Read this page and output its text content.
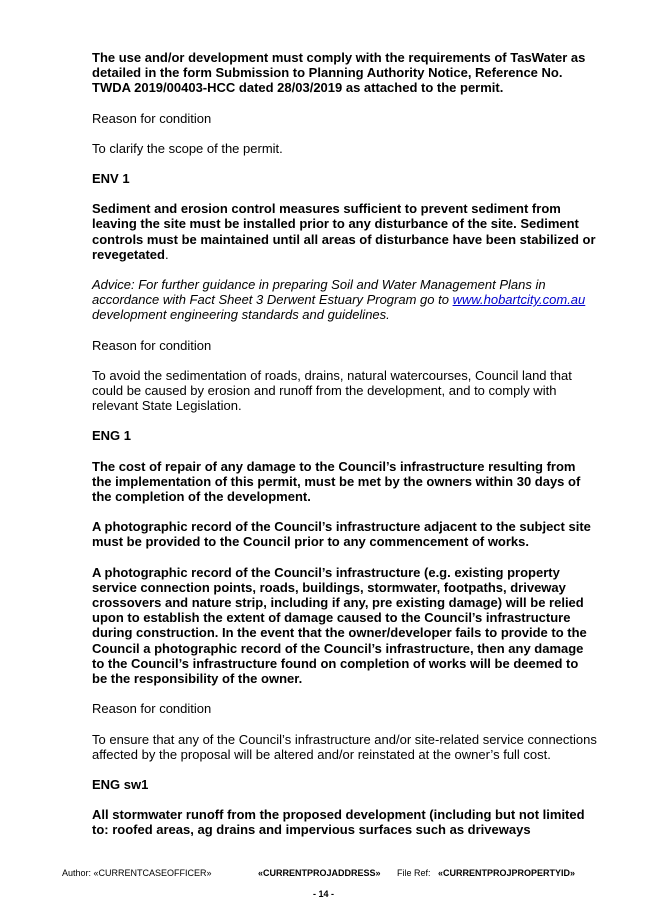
The use and/or development must comply with the requirements of TasWater as detailed in the form Submission to Planning Authority Notice, Reference No. TWDA 2019/00403-HCC dated 28/03/2019 as attached to the permit.

Reason for condition

To clarify the scope of the permit.

ENV 1

Sediment and erosion control measures sufficient to prevent sediment from leaving the site must be installed prior to any disturbance of the site. Sediment controls must be maintained until all areas of disturbance have been stabilized or revegetated.

Advice: For further guidance in preparing Soil and Water Management Plans in accordance with Fact Sheet 3 Derwent Estuary Program go to www.hobartcity.com.au development engineering standards and guidelines.

Reason for condition

To avoid the sedimentation of roads, drains, natural watercourses, Council land that could be caused by erosion and runoff from the development, and to comply with relevant State Legislation.

ENG 1

The cost of repair of any damage to the Council’s infrastructure resulting from the implementation of this permit, must be met by the owners within 30 days of the completion of the development.

A photographic record of the Council’s infrastructure adjacent to the subject site must be provided to the Council prior to any commencement of works.

A photographic record of the Council’s infrastructure (e.g. existing property service connection points, roads, buildings, stormwater, footpaths, driveway crossovers and nature strip, including if any, pre existing damage) will be relied upon to establish the extent of damage caused to the Council’s infrastructure during construction. In the event that the owner/developer fails to provide to the Council a photographic record of the Council’s infrastructure, then any damage to the Council’s infrastructure found on completion of works will be deemed to be the responsibility of the owner.

Reason for condition

To ensure that any of the Council’s infrastructure and/or site-related service connections affected by the proposal will be altered and/or reinstated at the owner’s full cost.

ENG sw1

All stormwater runoff from the proposed development (including but not limited to: roofed areas, ag drains and impervious surfaces such as driveways

Author: «CURRENTCASEOFFICER»	«CURRENTPROJADDRESS» File Ref: «CURRENTPROJPROPERTYID»
- 14 -
